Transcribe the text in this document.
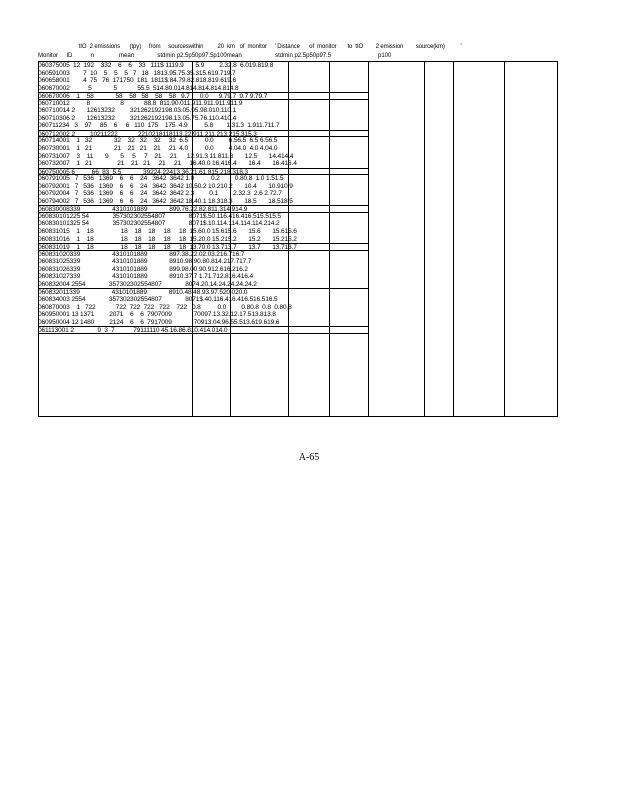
tIO  2 emissions      (tpy)     from     sourceswithin         20  km   of  monitor     ' Distance      of  monitor       to  tIO        2 emission        source(km)          '
Monitor     ID           n               mean              stdmin p2.5p50p97.5p100mean                    stdmin p2.5p50p97.5	p100
060375005  12  192    332    6    6    33   111$ 1119.9       5.9         2.32.8  6.019.819.8
060591003        7  10    5    5    5   7   18   1813.95.75.35.315.619.719.7
060658001        4  75   76  171750  181  1811$.84.79.82.818.819.619.6
060670002           5             5            55.5  514.80.014.814.814.814.814.8
060670006    1    58             58    58   58    58    58   9.7      0.0      9.79.7  9.7 9.79.7
060710012          8                  8            88.8  811.90.011.911.911.911.911.9
060710014 2       12613232         321262192198.03.05.95.98.010.110.1
060710306 2       12613232         321262192198.13.05.75.76.110.410.4
060711234   3    97     85    6     6   110  175    175  4.9          5.8        1.31.3  1.911.711.7
060712002 2         10211222            2210218118113.22.911.211.213.215.315.3
060714001    1   32             32    32   32    32     32  6.5          0.0         6.56.5  6.5 6.56.5
060730001    1   21             21    21   21    21     21  4.0          0.0         4.04.0  4.0 4.04.0
060731007    3    11       9       5     5     7    21     21      12.91.3 11.811.8       12.5       14.414.4
060732007    1   21               21    21   21     21     21     16.40.0 16.416.4       16.4       16.416.4
060750005 6          66  83  5.5             39224 22413.36.21.61.815.218.318.3
060791005   7   536   1369    6    6    24   3642  3642 1.0          0.2         0.80.8  1.0 1.51.5
060792001   7   536   1369    6    6    24   3642  3642 10.50.2 10.210.2       10.4       10.910.9
060792004   7   536   1369    6    6    24   3642  3642 2.3         0.1         2.32.3  2.6 2.72.7
060794002   7   536   1369    6    6    24   3642  3642 18.40.1 18.318.3       18.5       18.518.5
060830008339                   4310101889             899.76.22.82.811.314.914.9
060830101225 54              357302302554807              8071$.50.116.416.416.515.515.5
060830101325 54              357302302554807              8071$.10.114.114.114.114.214.2
060831015    1    18                18    18    18     18     18  15.60.0 15.615.6       15.6       15.615.6
060831016    1    18                18    18    18     18     18  15.20.0 15.215.2       15.2       15.215.2
060831019    1    18                18    18    18     18     18  13.70.0 13.713.7       13.7       13.713.7
060831020339                   4310101889             897.38.22.02.03.216.716.7
060831025339                   4310101889             8910.98.90.80.814.217.717.7
060831026339                   4310101889             899.98.00.90.912.616.216.2
060831027339                   4310101889             8910.37.7 1.71.712.816.416.4
060832004 2554              357302302554807              8074.20.14.24.24.24.24.2
060832011339                   4310101889             8910.48.48.93.97.520.020.0
060834003 2554              357302302554807              8071$.40.116.416.416.516.516.5
060870003    1   722            722  722  722   722    722   0.8          0.0         0.80.8  0.8  0.80.8
060950001 13 1371         2071    6    6  7907009             70097.13.32.12.17.513.813.8
060950004 12 1480         2124    6    6  7917009             70913.04.96.55.513.619.619.6
061113001 2              9  3  7           79111110 45.16.86.810.414.014.0
A-65
